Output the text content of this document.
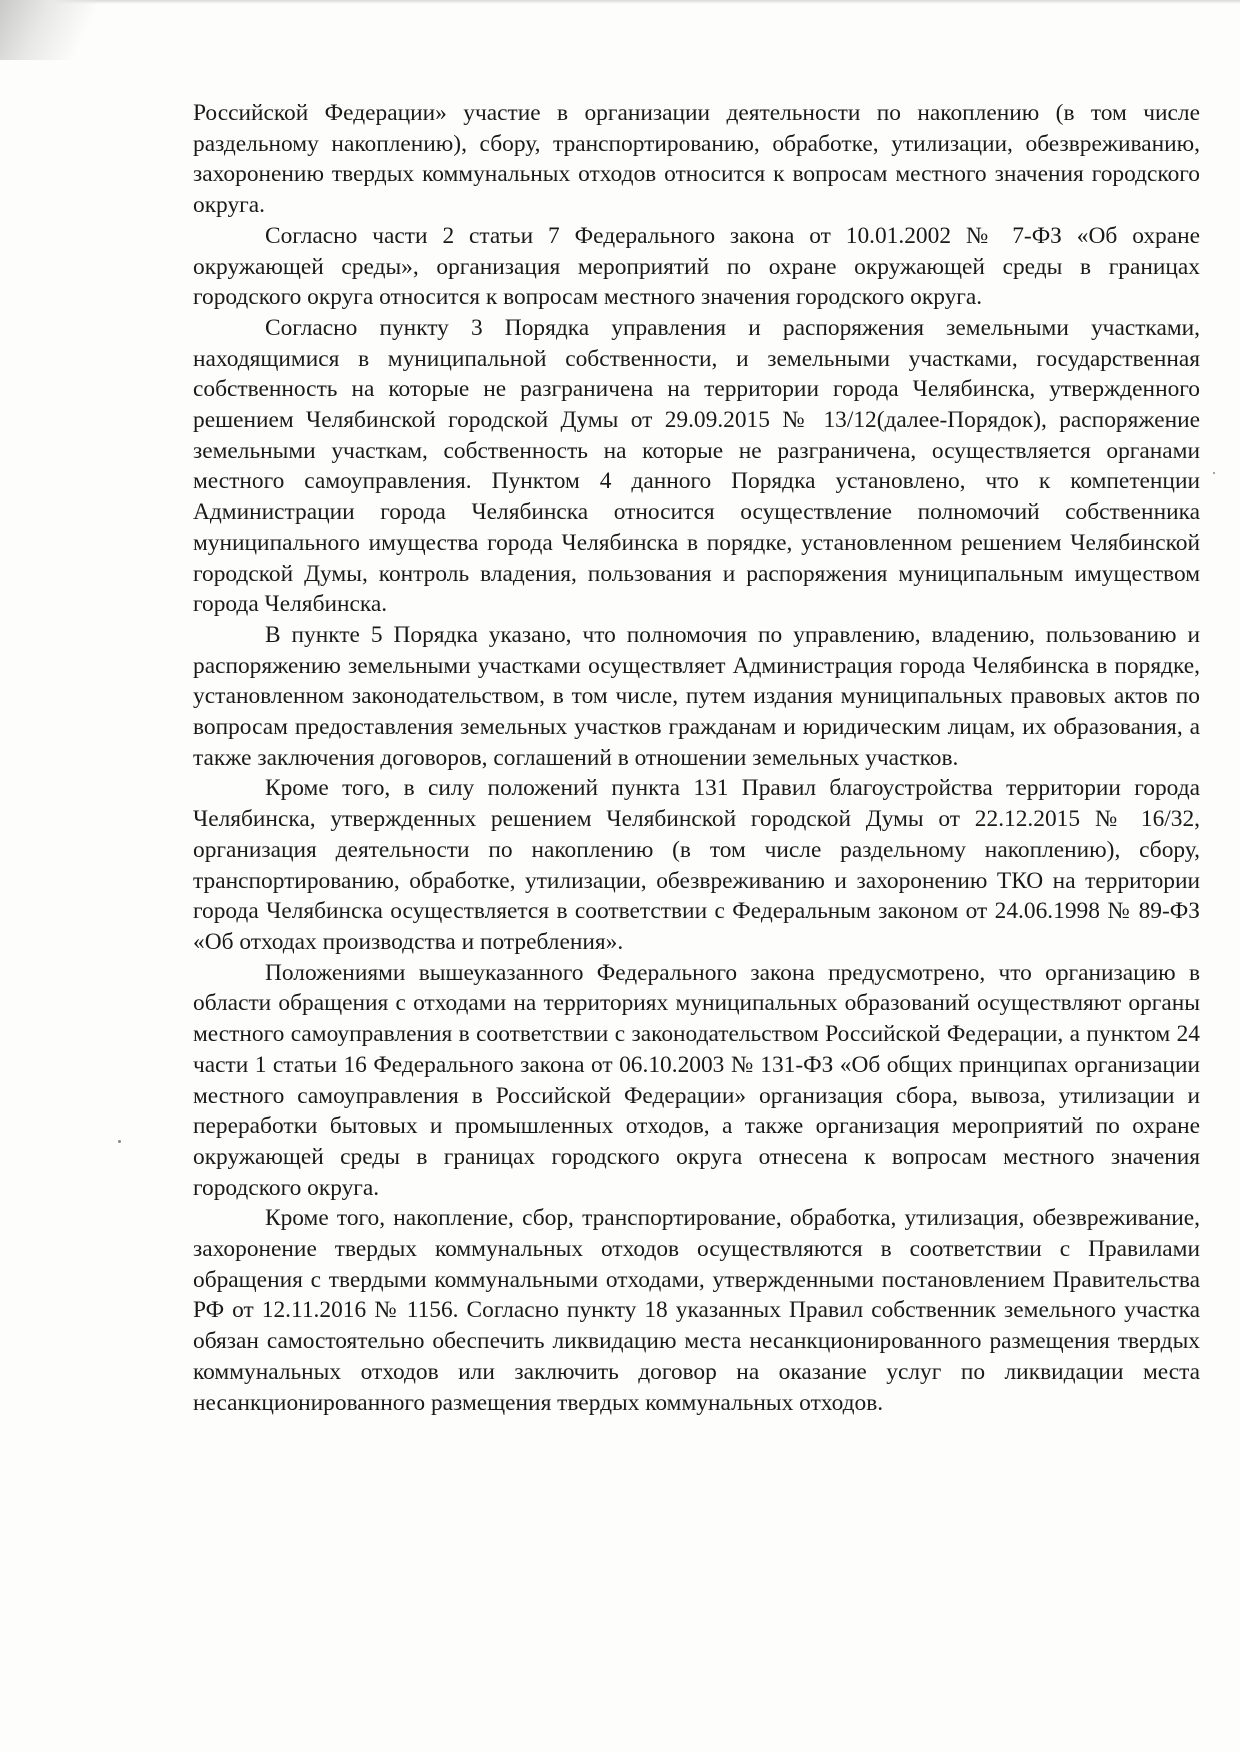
Российской Федерации» участие в организации деятельности по накоплению (в том числе раздельному накоплению), сбору, транспортированию, обработке, утилизации, обезвреживанию, захоронению твердых коммунальных отходов относится к вопросам местного значения городского округа.

Согласно части 2 статьи 7 Федерального закона от 10.01.2002 № 7-ФЗ «Об охране окружающей среды», организация мероприятий по охране окружающей среды в границах городского округа относится к вопросам местного значения городского округа.

Согласно пункту 3 Порядка управления и распоряжения земельными участками, находящимися в муниципальной собственности, и земельными участками, государственная собственность на которые не разграничена на территории города Челябинска, утвержденного решением Челябинской городской Думы от 29.09.2015 № 13/12(далее-Порядок), распоряжение земельными участкам, собственность на которые не разграничена, осуществляется органами местного самоуправления. Пунктом 4 данного Порядка установлено, что к компетенции Администрации города Челябинска относится осуществление полномочий собственника муниципального имущества города Челябинска в порядке, установленном решением Челябинской городской Думы, контроль владения, пользования и распоряжения муниципальным имуществом города Челябинска.

В пункте 5 Порядка указано, что полномочия по управлению, владению, пользованию и распоряжению земельными участками осуществляет Администрация города Челябинска в порядке, установленном законодательством, в том числе, путем издания муниципальных правовых актов по вопросам предоставления земельных участков гражданам и юридическим лицам, их образования, а также заключения договоров, соглашений в отношении земельных участков.

Кроме того, в силу положений пункта 131 Правил благоустройства территории города Челябинска, утвержденных решением Челябинской городской Думы от 22.12.2015 № 16/32, организация деятельности по накоплению (в том числе раздельному накоплению), сбору, транспортированию, обработке, утилизации, обезвреживанию и захоронению ТКО на территории города Челябинска осуществляется в соответствии с Федеральным законом от 24.06.1998 № 89-ФЗ «Об отходах производства и потребления».

Положениями вышеуказанного Федерального закона предусмотрено, что организацию в области обращения с отходами на территориях муниципальных образований осуществляют органы местного самоуправления в соответствии с законодательством Российской Федерации, а пунктом 24 части 1 статьи 16 Федерального закона от 06.10.2003 № 131-ФЗ «Об общих принципах организации местного самоуправления в Российской Федерации» организация сбора, вывоза, утилизации и переработки бытовых и промышленных отходов, а также организация мероприятий по охране окружающей среды в границах городского округа отнесена к вопросам местного значения городского округа.

Кроме того, накопление, сбор, транспортирование, обработка, утилизация, обезвреживание, захоронение твердых коммунальных отходов осуществляются в соответствии с Правилами обращения с твердыми коммунальными отходами, утвержденными постановлением Правительства РФ от 12.11.2016 № 1156. Согласно пункту 18 указанных Правил собственник земельного участка обязан самостоятельно обеспечить ликвидацию места несанкционированного размещения твердых коммунальных отходов или заключить договор на оказание услуг по ликвидации места несанкционированного размещения твердых коммунальных отходов.
